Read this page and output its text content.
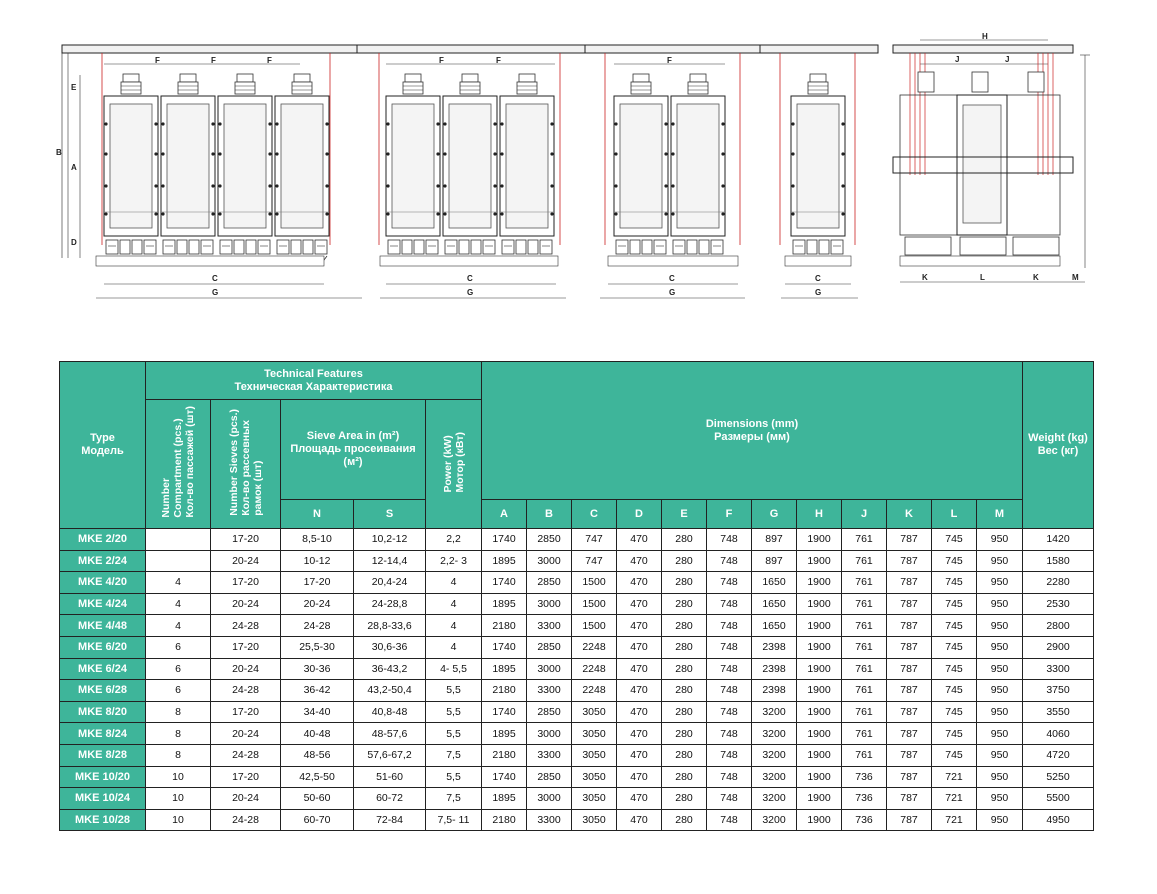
F	F	F
B
A
E
D
C
G
F	F
C
G
F
C
G
C
G
H
J	J
K	L	K	M
Type
Модель	Technical Features
Техническая Характеристика					Dimensions (mm)
Размеры (мм)												Weight (kg)
Вес (кг)
	Number
Compartment (pcs.)
Кол-во пассажей (шт)	Number Sieves (pcs.)
Кол-во рассевных
рамок (шт)	Sieve Area in (m²)
Площадь просеивания
(м²)		Power (kW)
Мотор (кВт)													
			N	S		A	B	C	D	E	F	G	H	J	K	L	M	
MKE 2/20		17-20	8,5-10	10,2-12	2,2	1740	2850	747	470	280	748	897	1900	761	787	745	950	1420
MKE 2/24		20-24	10-12	12-14,4	2,2- 3	1895	3000	747	470	280	748	897	1900	761	787	745	950	1580
MKE 4/20	4	17-20	17-20	20,4-24	4	1740	2850	1500	470	280	748	1650	1900	761	787	745	950	2280
MKE 4/24	4	20-24	20-24	24-28,8	4	1895	3000	1500	470	280	748	1650	1900	761	787	745	950	2530
MKE 4/48	4	24-28	24-28	28,8-33,6	4	2180	3300	1500	470	280	748	1650	1900	761	787	745	950	2800
MKE 6/20	6	17-20	25,5-30	30,6-36	4	1740	2850	2248	470	280	748	2398	1900	761	787	745	950	2900
MKE 6/24	6	20-24	30-36	36-43,2	4- 5,5	1895	3000	2248	470	280	748	2398	1900	761	787	745	950	3300
MKE 6/28	6	24-28	36-42	43,2-50,4	5,5	2180	3300	2248	470	280	748	2398	1900	761	787	745	950	3750
MKE 8/20	8	17-20	34-40	40,8-48	5,5	1740	2850	3050	470	280	748	3200	1900	761	787	745	950	3550
MKE 8/24	8	20-24	40-48	48-57,6	5,5	1895	3000	3050	470	280	748	3200	1900	761	787	745	950	4060
MKE 8/28	8	24-28	48-56	57,6-67,2	7,5	2180	3300	3050	470	280	748	3200	1900	761	787	745	950	4720
MKE 10/20	10	17-20	42,5-50	51-60	5,5	1740	2850	3050	470	280	748	3200	1900	736	787	721	950	5250
MKE 10/24	10	20-24	50-60	60-72	7,5	1895	3000	3050	470	280	748	3200	1900	736	787	721	950	5500
MKE 10/28	10	24-28	60-70	72-84	7,5- 11	2180	3300	3050	470	280	748	3200	1900	736	787	721	950	4950
